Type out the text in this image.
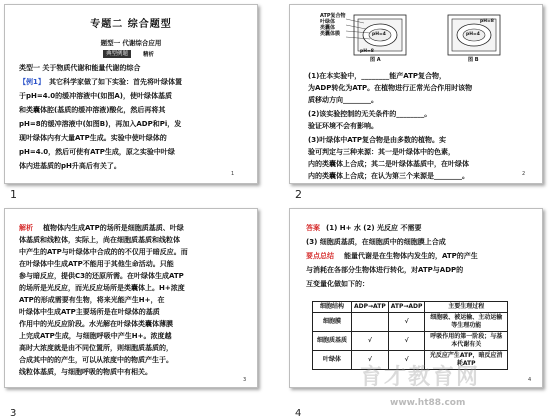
专题二 综合题型
题型一 代谢综合应用
典型例题	精析
类型一 关于物质代谢和能量代谢的综合
【例1】 其它科学家做了如下实验：首先将叶绿体置
于pH=4.0的缓冲溶液中(如图A)，使叶绿体基质
和类囊体腔(基质的缓冲溶液)酸化，然后再将其
pH=8的缓冲溶液中(如图B)，再加入ADP和Pi，发
现叶绿体内有大量ATP生成。实验中使叶绿体的
pH=4.0，然后可使有ATP生成，原之实验中叶绿
体内进基质的pH升高后有关了。
1
1
ATP复合物
叶绿体
类囊体
类囊体膜	pH=4
pH=8
图 A
pH=4
pH=8
图 B
(1)在本实验中，________能产ATP复合物，
为ADP转化为ATP。在植物进行正常光合作用时该物
质移动方向________。
(2)该实验控制的无关条件的________。
验证环境不会有影响。
(3)叶绿体中ATP复合物是由多数的植物。实
验可判定与三种来源：其一是叶绿体中的色素，
内的类囊体上合成；其二是叶绿体基质中，在叶绿体
内的类囊体上合成；在认为第三个来源是________。	2
2
解析 植物体内生成ATP的场所是细胞质基质、叶绿
体基质和线粒体，实际上，尚在细胞质基质和线粒体
中产生的ATP与叶绿体中合成的的不仅用于暗反应。而
在叶绿体中生成ATP不能用于其他生命活动。只能
参与暗反应，提供C3的还原所需。在叶绿体生成ATP
的场所是光反应，而光反应场所是类囊体上。H+浓度
ATP的形成需要有生物，将来光能产生H+，在
叶绿体中生成ATP主要场所是在叶绿体的基质
作用中的光反应阶段。水光解在叶绿体类囊体薄膜
上完成ATP生成，与细胞呼吸中产生H+。浓度越
高时大浓度就是由不同位置所，则细胞质基质的，
合成其中的的产生，可以从浓度中的物质产生于。
线粒体基质，与细胞呼吸的物质中有相关。
3
3
答案 (1) H+ 水 (2) 光反应 不需要
(3) 细胞质基质，在细胞质中的细胞膜上合成
要点总结 能量代谢是在生物体内发生的，ATP的产生
与消耗在各部分生物体进行转化，对ATP与ADP的
互变量化做如下的：
细胞结构	ADP→ATP	ATP→ADP	主要生理过程
细胞膜		√	细胞吸、被运输、主动运输等生理功能
细胞质基质	√	√	呼吸作用的第一阶段；与基本代谢有关
叶绿体	√	√	光反应产生ATP，暗反应消耗ATP
4
4
育才教育网
www.ht88.com
